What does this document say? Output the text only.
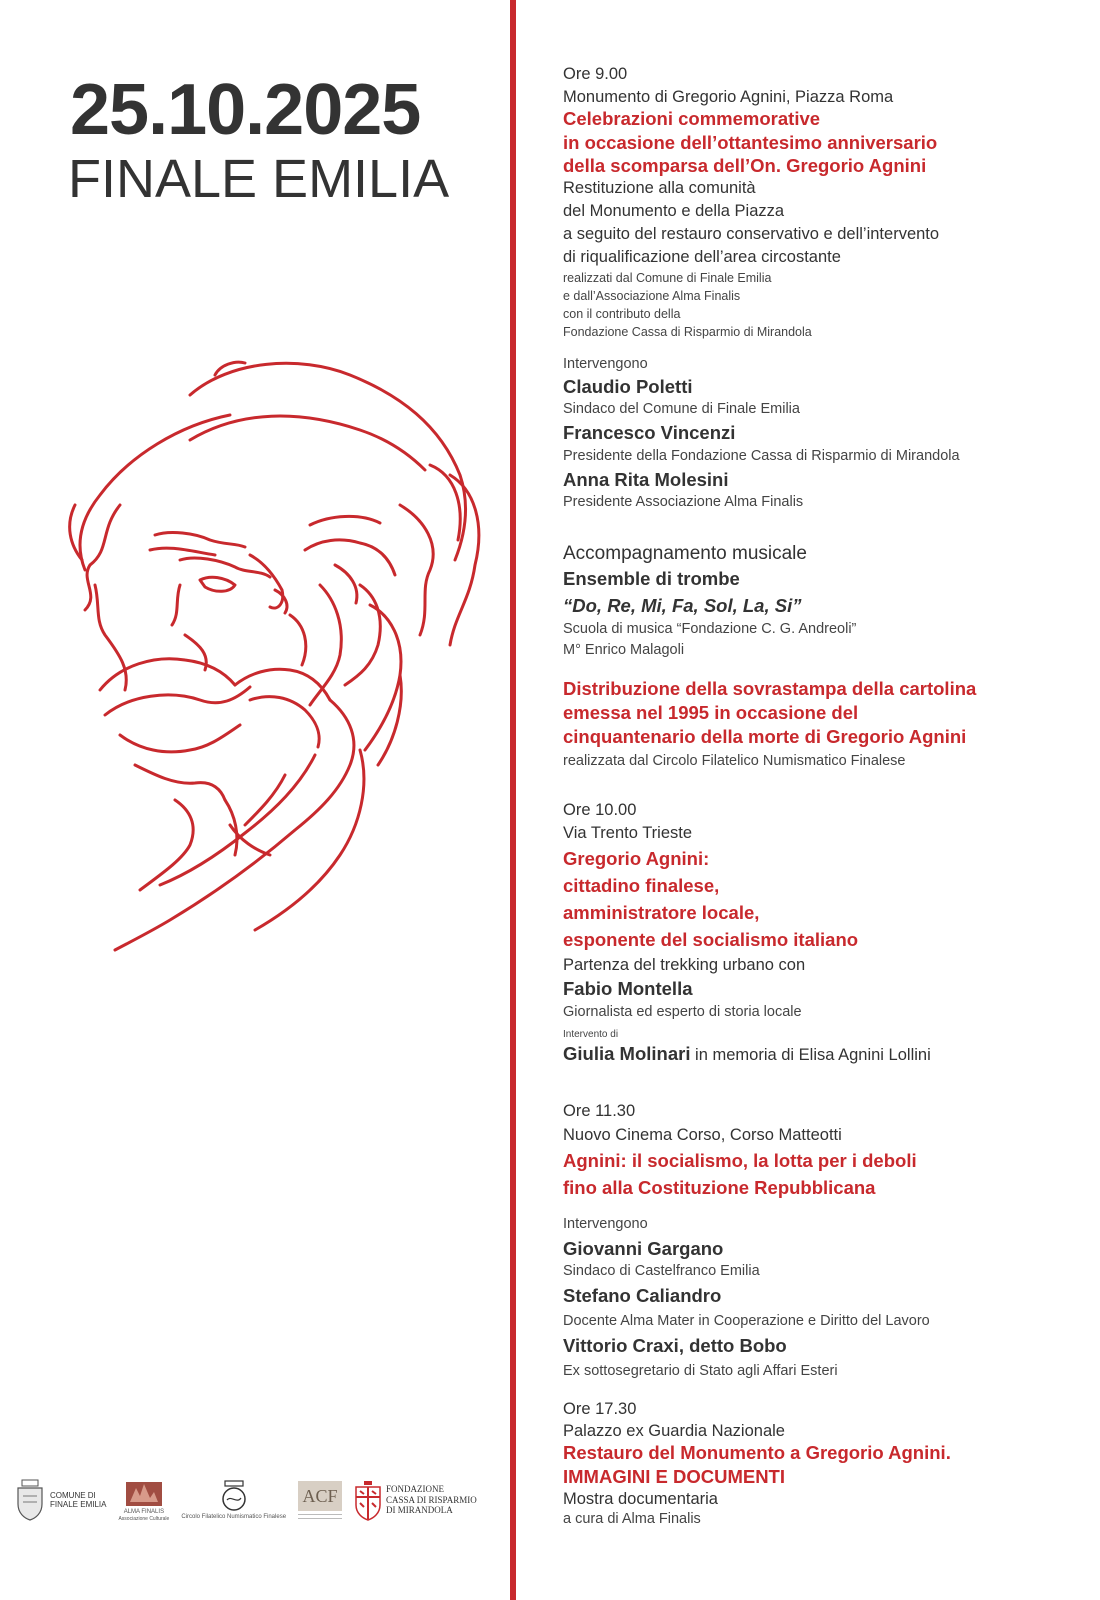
25.10.2025
FINALE EMILIA
COMUNE DI
FINALE EMILIA
ALMA FINALIS
Associazione Culturale Circolo Filatelico Numismatico Finalese
ACF	FONDAZIONE
CASSA DI RISPARMIO
DI MIRANDOLA
Ore 9.00
Monumento di Gregorio Agnini, Piazza Roma
Celebrazioni commemorative
in occasione dell’ottantesimo anniversario
della scomparsa dell’On. Gregorio Agnini
Restituzione alla comunità
del Monumento e della Piazza
a seguito del restauro conservativo e dell’intervento
di riqualificazione dell’area circostante
realizzati dal Comune di Finale Emilia
e dall’Associazione Alma Finalis
con il contributo della
Fondazione Cassa di Risparmio di Mirandola
Intervengono
Claudio Poletti
Sindaco del Comune di Finale Emilia
Francesco Vincenzi
Presidente della Fondazione Cassa di Risparmio di Mirandola
Anna Rita Molesini
Presidente Associazione Alma Finalis
Accompagnamento musicale
Ensemble di trombe
“Do, Re, Mi, Fa, Sol, La, Si”
Scuola di musica “Fondazione C. G. Andreoli”
M° Enrico Malagoli
Distribuzione della sovrastampa della cartolina
emessa nel 1995 in occasione del
cinquantenario della morte di Gregorio Agnini
realizzata dal Circolo Filatelico Numismatico Finalese
Ore 10.00
Via Trento Trieste
Gregorio Agnini:
cittadino finalese,
amministratore locale,
esponente del socialismo italiano
Partenza del trekking urbano con
Fabio Montella
Giornalista ed esperto di storia locale
Intervento di
Giulia Molinari in memoria di Elisa Agnini Lollini
Ore 11.30
Nuovo Cinema Corso, Corso Matteotti
Agnini: il socialismo, la lotta per i deboli
fino alla Costituzione Repubblicana
Intervengono
Giovanni Gargano
Sindaco di Castelfranco Emilia
Stefano Caliandro
Docente Alma Mater in Cooperazione e Diritto del Lavoro
Vittorio Craxi, detto Bobo
Ex sottosegretario di Stato agli Affari Esteri
Ore 17.30
Palazzo ex Guardia Nazionale
Restauro del Monumento a Gregorio Agnini.
IMMAGINI E DOCUMENTI
Mostra documentaria
a cura di Alma Finalis
